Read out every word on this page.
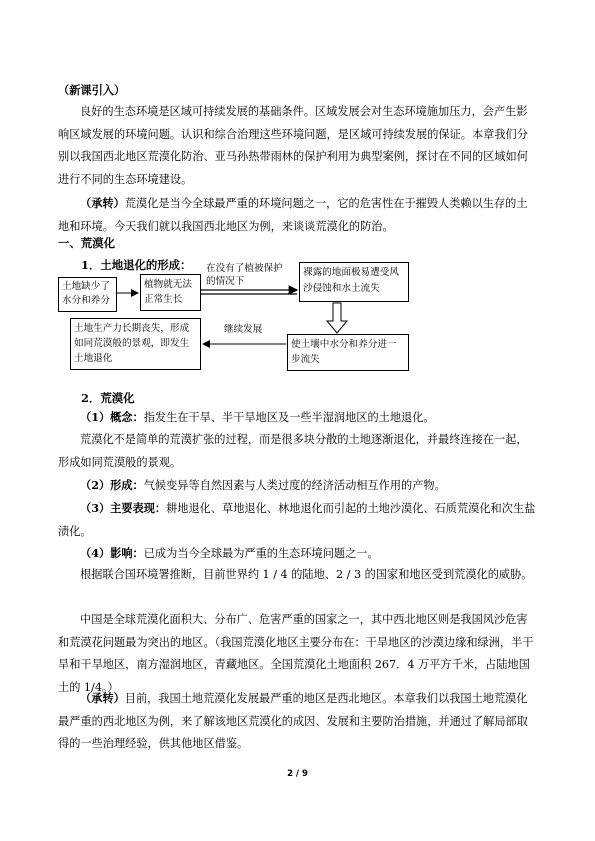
（新课引入）
良好的生态环境是区域可持续发展的基础条件。区域发展会对生态环境施加压力，会产生影响区域发展的环境问题。认识和综合治理这些环境问题，是区域可持续发展的保证。本章我们分别以我国西北地区荒漠化防治、亚马孙热带雨林的保护利用为典型案例，探讨在不同的区域如何进行不同的生态环境建设。
（承转）荒漠化是当今全球最严重的环境问题之一，它的危害性在于摧毁人类赖以生存的土地和环境。今天我们就以我国西北地区为例，来谈谈荒漠化的防治。
一、荒漠化
1．土地退化的形成：
土地缺少了水分和养分
植物就无法正常生长
在没有了植被保护的情况下
裸露的地面极易遭受风沙侵蚀和水土流失
使土壤中水分和养分进一步流失
继续发展
土地生产力长期丧失，形成如同荒漠般的景观，即发生土地退化
2．荒漠化
（1）概念：指发生在干旱、半干旱地区及一些半湿润地区的土地退化。
荒漠化不是简单的荒漠扩张的过程，而是很多块分散的土地逐渐退化，并最终连接在一起，形成如同荒漠般的景观。
（2）形成：气候变异等自然因素与人类过度的经济活动相互作用的产物。
（3）主要表现：耕地退化、草地退化、林地退化而引起的土地沙漠化、石质荒漠化和次生盐渍化。
（4）影响：已成为当今全球最为严重的生态环境问题之一。
根据联合国环境署推断，目前世界约 1 / 4 的陆地、2 / 3 的国家和地区受到荒漠化的威胁。
中国是全球荒漠化面积大、分布广、危害严重的国家之一，其中西北地区则是我国风沙危害和荒漠花问题最为突出的地区。（我国荒漠化地区主要分布在：干旱地区的沙漠边缘和绿洲，半干旱和干旱地区，南方湿润地区，青藏地区。全国荒漠化土地面积 267．4 万平方千米，占陆地国土的 1/4。）
（承转）目前，我国土地荒漠化发展最严重的地区是西北地区。本章我们以我国土地荒漠化最严重的西北地区为例，来了解该地区荒漠化的成因、发展和主要防治措施，并通过了解局部取得的一些治理经验，供其他地区借鉴。
2 / 9
